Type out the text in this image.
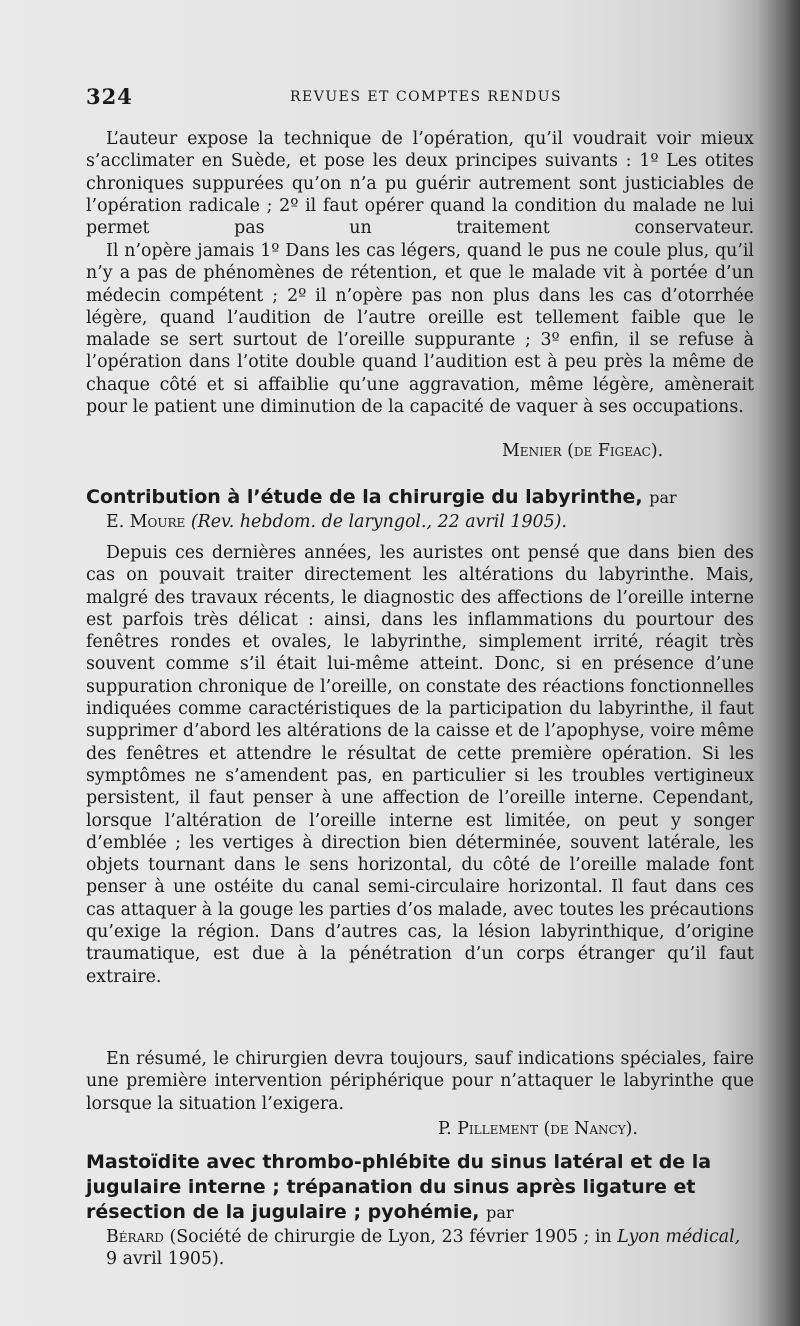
324	REVUES ET COMPTES RENDUS

L’auteur expose la technique de l’opération, qu’il voudrait voir mieux s’acclimater en Suède, et pose les deux principes suivants : 1º Les otites chroniques suppurées qu’on n’a pu guérir autrement sont justiciables de l’opération radicale ; 2º il faut opérer quand la condition du malade ne lui permet pas un traitement conservateur.

Il n’opère jamais 1º Dans les cas légers, quand le pus ne coule plus, qu’il n’y a pas de phénomènes de rétention, et que le malade vit à portée d’un médecin compétent ; 2º il n’opère pas non plus dans les cas d’otorrhée légère, quand l’audition de l’autre oreille est tellement faible que le malade se sert surtout de l’oreille suppurante ; 3º enfin, il se refuse à l’opération dans l’otite double quand l’audition est à peu près la même de chaque côté et si affaiblie qu’une aggravation, même légère, amènerait pour le patient une diminution de la capacité de vaquer à ses occupations.

Menier (de Figeac).
Contribution à l’étude de la chirurgie du labyrinthe, par

E. Moure (Rev. hebdom. de laryngol., 22 avril 1905).

Depuis ces dernières années, les auristes ont pensé que dans bien des cas on pouvait traiter directement les altérations du labyrinthe. Mais, malgré des travaux récents, le diagnostic des affections de l’oreille interne est parfois très délicat : ainsi, dans les inflammations du pourtour des fenêtres rondes et ovales, le labyrinthe, simplement irrité, réagit très souvent comme s’il était lui-même atteint. Donc, si en présence d’une suppuration chronique de l’oreille, on constate des réactions fonctionnelles indiquées comme caractéristiques de la participation du labyrinthe, il faut supprimer d’abord les altérations de la caisse et de l’apophyse, voire même des fenêtres et attendre le résultat de cette première opération. Si les symptômes ne s’amendent pas, en particulier si les troubles vertigineux persistent, il faut penser à une affection de l’oreille interne. Cependant, lorsque l’altération de l’oreille interne est limitée, on peut y songer d’emblée ; les vertiges à direction bien déterminée, souvent latérale, les objets tournant dans le sens horizontal, du côté de l’oreille malade font penser à une ostéite du canal semi-circulaire horizontal. Il faut dans ces cas attaquer à la gouge les parties d’os malade, avec toutes les précautions qu’exige la région. Dans d’autres cas, la lésion labyrinthique, d’origine traumatique, est due à la pénétration d’un corps étranger qu’il faut extraire.

En résumé, le chirurgien devra toujours, sauf indications spéciales, faire une première intervention périphérique pour n’attaquer le labyrinthe que lorsque la situation l’exigera.

P. Pillement (de Nancy).
Mastoïdite avec thrombo-phlébite du sinus latéral et de la jugulaire interne ; trépanation du sinus après ligature et résection de la jugulaire ; pyohémie, par

Bérard (Société de chirurgie de Lyon, 23 février 1905 ; in Lyon médical, 9 avril 1905).
